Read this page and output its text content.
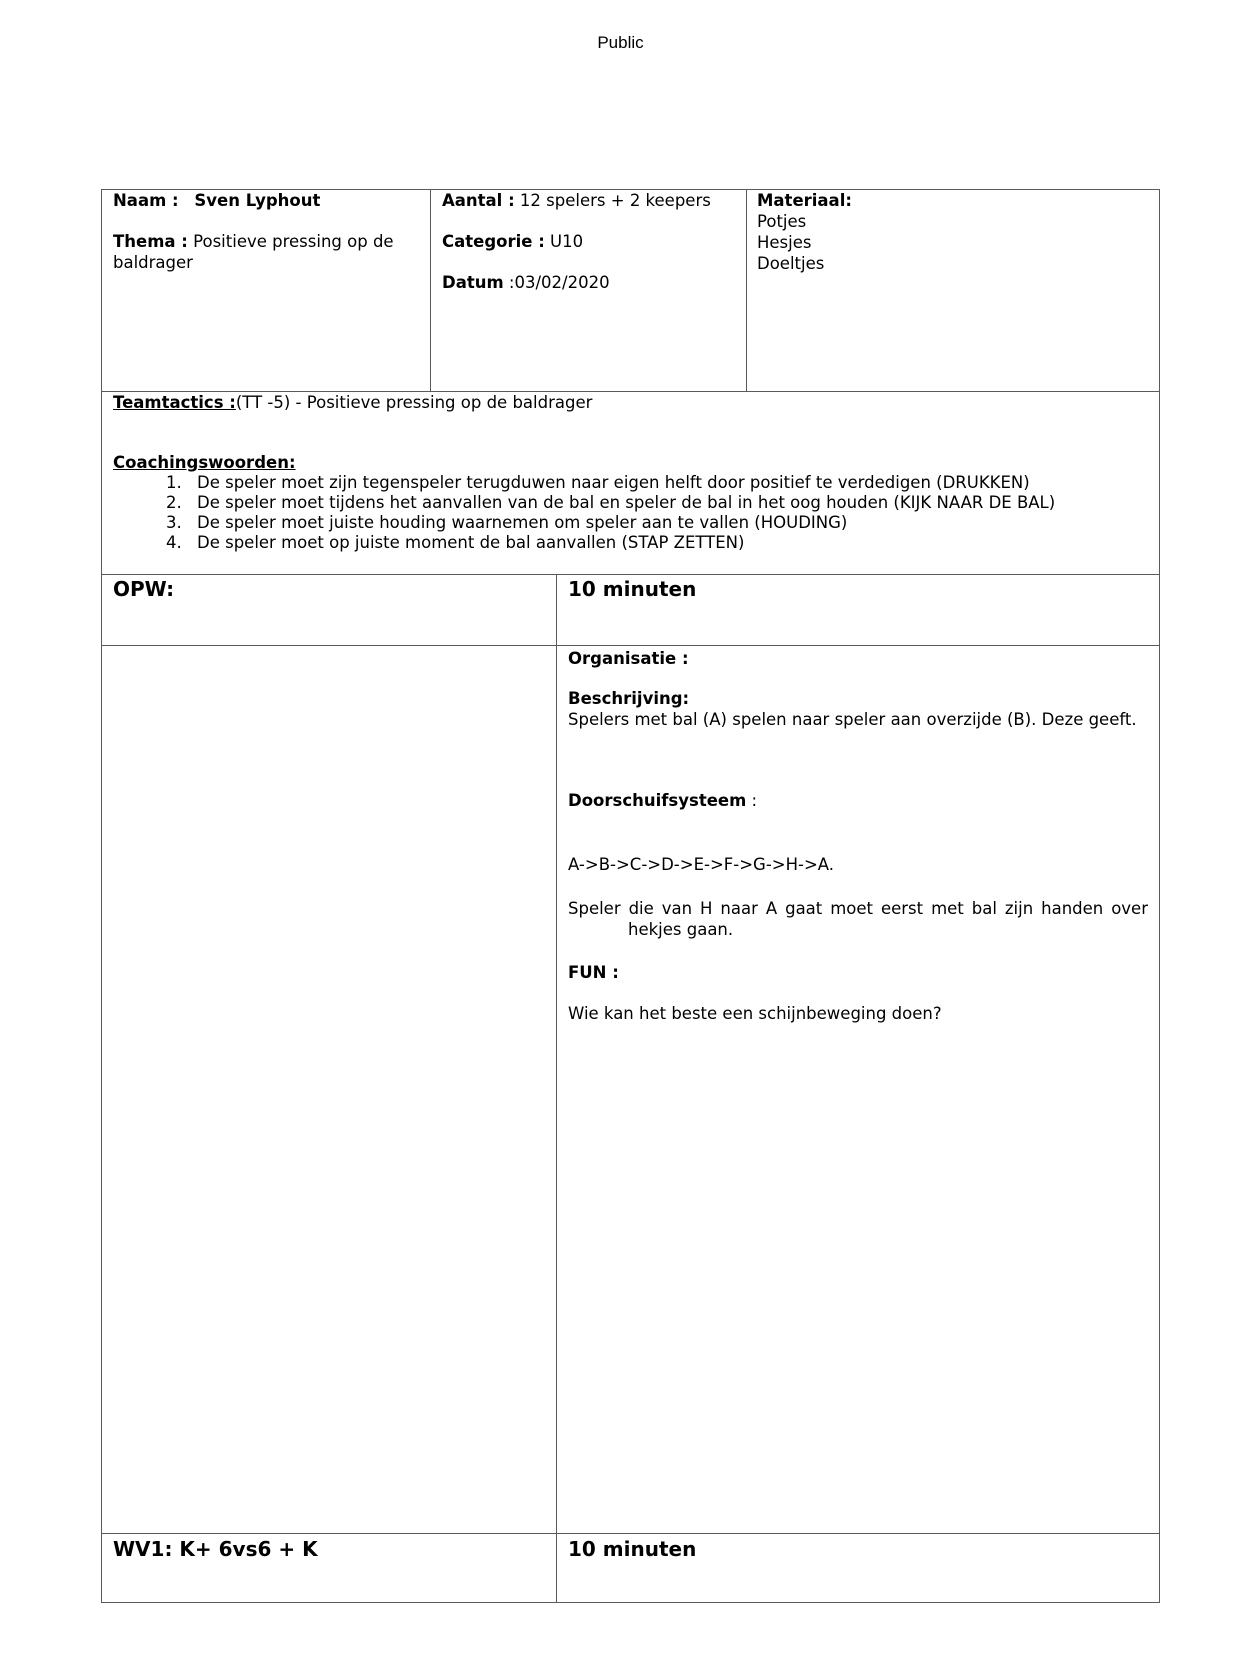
Public
Naam : Sven Lyphout
Thema : Positieve pressing op de baldrager
Aantal : 12 spelers + 2 keepers
Categorie : U10
Datum :03/02/2020
Materiaal:
Potjes
Hesjes
Doeltjes
Teamtactics :(TT -5) - Positieve pressing op de baldrager
Coachingswoorden:
1. De speler moet zijn tegenspeler terugduwen naar eigen helft door positief te verdedigen (DRUKKEN)
2. De speler moet tijdens het aanvallen van de bal en speler de bal in het oog houden (KIJK NAAR DE BAL)
3. De speler moet juiste houding waarnemen om speler aan te vallen (HOUDING)
4. De speler moet op juiste moment de bal aanvallen (STAP ZETTEN)
OPW:	10 minuten
Organisatie :
Beschrijving:
Spelers met bal (A) spelen naar speler aan overzijde (B). Deze geeft.
Doorschuifsysteem :
A->B->C->D->E->F->G->H->A.
Speler die van H naar A gaat moet eerst met bal zijn handen over
hekjes gaan.
FUN :
Wie kan het beste een schijnbeweging doen?
WV1: K+ 6vs6 + K	10 minuten
